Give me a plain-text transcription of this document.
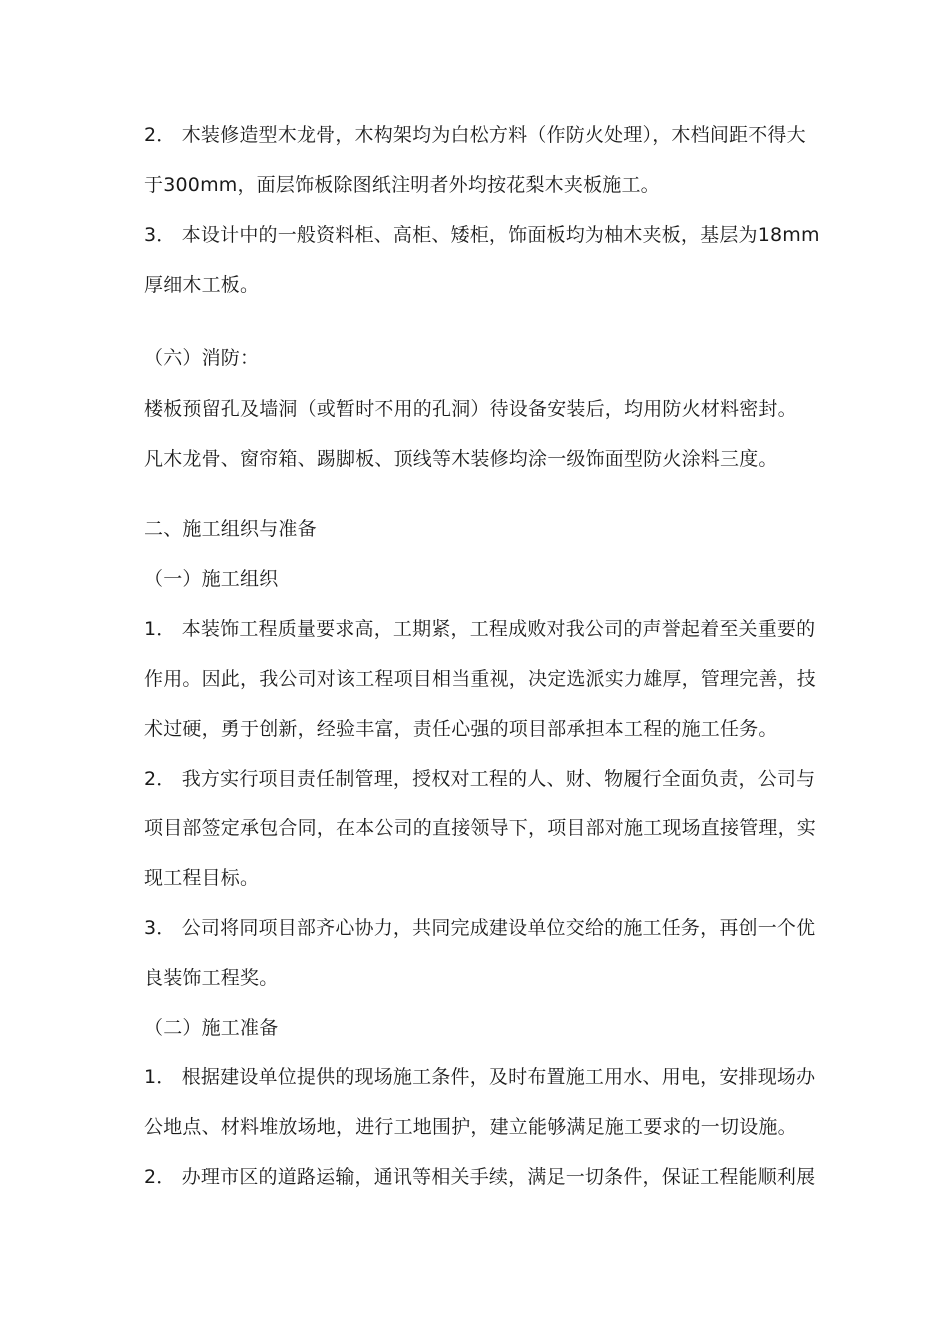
2． 木装修造型木龙骨，木构架均为白松方料（作防火处理），木档间距不得大
于300mm，面层饰板除图纸注明者外均按花梨木夹板施工。
3． 本设计中的一般资料柜、高柜、矮柜，饰面板均为柚木夹板，基层为18mm
厚细木工板。
（六）消防：
楼板预留孔及墙洞（或暂时不用的孔洞）待设备安装后，均用防火材料密封。
凡木龙骨、窗帘箱、踢脚板、顶线等木装修均涂一级饰面型防火涂料三度。
二、施工组织与准备
（一）施工组织
1． 本装饰工程质量要求高，工期紧，工程成败对我公司的声誉起着至关重要的
作用。因此，我公司对该工程项目相当重视，决定选派实力雄厚，管理完善，技
术过硬，勇于创新，经验丰富，责任心强的项目部承担本工程的施工任务。
2． 我方实行项目责任制管理，授权对工程的人、财、物履行全面负责，公司与
项目部签定承包合同，在本公司的直接领导下，项目部对施工现场直接管理，实
现工程目标。
3． 公司将同项目部齐心协力，共同完成建设单位交给的施工任务，再创一个优
良装饰工程奖。
（二）施工准备
1． 根据建设单位提供的现场施工条件，及时布置施工用水、用电，安排现场办
公地点、材料堆放场地，进行工地围护，建立能够满足施工要求的一切设施。
2． 办理市区的道路运输，通讯等相关手续，满足一切条件，保证工程能顺利展
